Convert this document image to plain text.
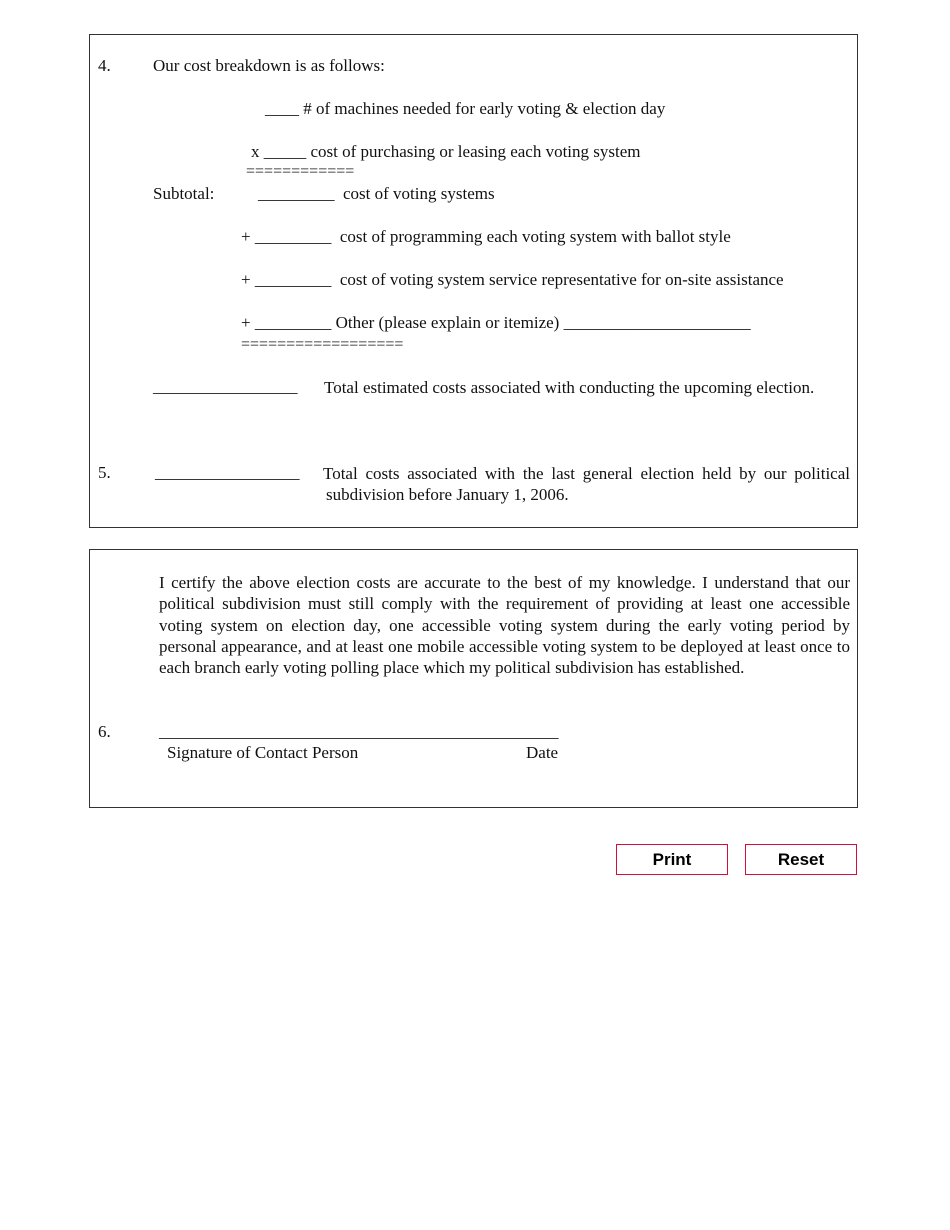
4. Our cost breakdown is as follows:
____ # of machines needed for early voting & election day
x _____ cost of purchasing or leasing each voting system
============
Subtotal:	_________  cost of voting systems
+ _________  cost of programming each voting system with ballot style
+ _________  cost of voting system service representative for on-site assistance
+ _________ Other (please explain or itemize) ______________________
==================
_________________ Total estimated costs associated with conducting the upcoming election.
5.	_________________ Total costs associated with the last general election held by our political subdivision before January 1, 2006.
I certify the above election costs are accurate to the best of my knowledge. I understand that our political subdivision must still comply with the requirement of providing at least one accessible voting system on election day, one accessible voting system during the early voting period by personal appearance, and at least one mobile accessible voting system to be deployed at least once to each branch early voting polling place which my political subdivision has established.
6.	_______________________________________________
Signature of Contact Person	Date
Print	Reset
